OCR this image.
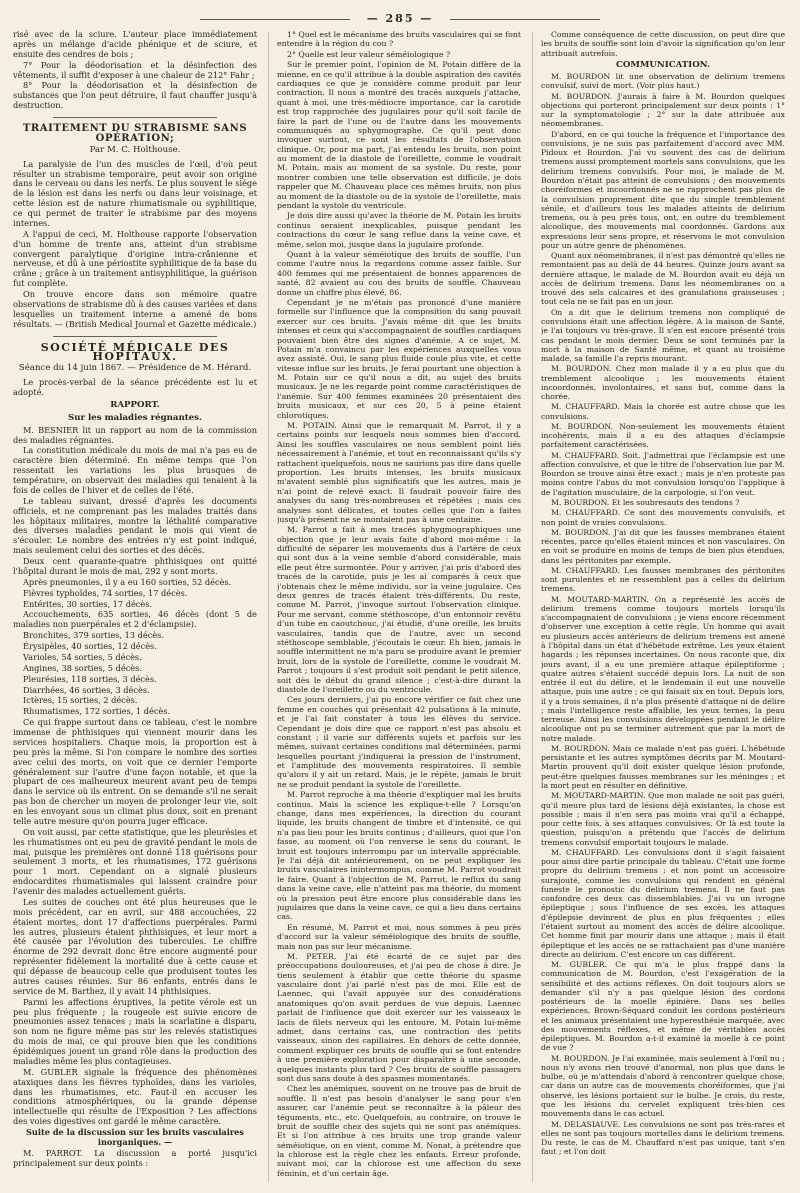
— 285 —

risé avec de la sciure. L'auteur place immédiatement après un mélange d'acide phénique et de sciure, et ensuite des cendres de bois ;

7° Pour la déodorisation et la désinfection des vêtements, il suffit d'exposer à une chaleur de 212° Fahr ;

8° Pour la déodorisation et la désinfection de substances que l'on peut détruire, il faut chauffer jusqu'à destruction.

TRAITEMENT DU STRABISME SANS OPÉRATION;
Par M. C. Holthouse.

La paralysie de l'un des muscles de l'œil, d'où peut résulter un strabisme temporaire, peut avoir son origine dans le cerveau ou dans les nerfs. Le plus souvent le siége de la lésion est dans les nerfs ou dans leur voisinage, et cette lésion est de nature rhumatismale ou syphilitique, ce qui permet de traiter le strabisme par des moyens internes.

A l'appui de ceci, M. Holthouse rapporte l'observation d'un homme de trente ans, atteint d'un strabisme convergent paralytique d'origine intra-crânienne et nerveuse, et dû à une périostite syphilitique de la base du crâne ; grâce à un traitement antisyphilitique, la guérison fut complète.

On trouve encore dans son mémoire quatre observations de strabisme dû à des causes variées et dans lesquelles un traitement interne a amené de bons résultats. — (British Medical Journal et Gazette médicale.)

SOCIÉTÉ MÉDICALE DES HOPITAUX.
Séance du 14 juin 1867. — Présidence de M. Hérard.

Le procès-verbal de la séance précédente est lu et adopté.

RAPPORT.
Sur les maladies régnantes.

M. BESNIER lit un rapport au nom de la commission des maladies régnantes.

La constitution médicale du mois de mai n'a pas eu de caractère bien déterminé. En même temps que l'on ressentait les variations les plus brusques de température, on observait des maladies qui tenaient à la fois de celles de l'hiver et de celles de l'été.

Le tableau suivant, dressé d'après les documents officiels, et ne comprenant pas les malades traités dans les hôpitaux militaires, montre la léthalité comparative des diverses maladies pendant le mois qui vient de s'écouler. Le nombre des entrées n'y est point indiqué, mais seulement celui des sorties et des décès.

Deux cent quarante-quatre phthisiques ont quitté l'hôpital durant le mois de mai, 292 y sont morts.

Après pneumonies, il y a eu 160 sorties, 52 décès.

Fièvres typhoïdes, 74 sorties, 17 décès.

Entérites, 30 sorties, 17 décès.

Accouchements, 635 sorties, 46 décès (dont 5 de maladies non puerpérales et 2 d'éclampsie).

Bronchites, 379 sorties, 13 décès.

Érysipèles, 40 sorties, 12 décès.

Varioles, 54 sorties, 5 décès.

Angines, 38 sorties, 5 décès.

Pleurésies, 118 sorties, 3 décès.

Diarrhées, 46 sorties, 3 décès.

Ictères, 15 sorties, 2 décès.

Rhumatismes, 172 sorties, 1 décès.

Ce qui frappe surtout dans ce tableau, c'est le nombre immense de phthisiques qui viennent mourir dans les services hospitaliers. Chaque mois, la proportion est à peu près la même. Si l'on compare le nombre des sorties avec celui des morts, on voit que ce dernier l'emporte généralement sur l'autre d'une façon notable, et que la plupart de ces malheureux meurent avant peu de temps dans le service où ils entrent. On se demande s'il ne serait pas bon de chercher un moyen de prolonger leur vie, soit en les envoyant sous un climat plus doux, soit en prenant telle autre mesure qu'on pourra juger efficace.

On voit aussi, par cette statistique, que les pleurésies et les rhumatismes ont eu peu de gravité pendant le mois de mai, puisque les premières ont donné 118 guérisons pour seulement 3 morts, et les rhumatismes, 172 guérisons pour 1 mort. Cependant on a signalé plusieurs endocardites rhumatismales qui laissent craindre pour l'avenir des malades actuellement guéris.

Les suites de couches ont été plus heureuses que le mois précédent, car en avril, sur 488 accouchées, 22 étaient mortes, dont 17 d'affections puerpérales. Parmi les autres, plusieurs étaient phthisiques, et leur mort a été causée par l'évolution des tubercules. Le chiffre énorme de 292 devrait donc être encore augmenté pour représenter fidèlement la mortalité due à cette cause et qui dépasse de beaucoup celle que produisent toutes les autres causes réunies. Sur 86 enfants, entrés dans le service de M. Barthez, il y avait 14 phthisiques.

Parmi les affections éruptives, la petite vérole est un peu plus fréquente ; la rougeole est suivie encore de pneumonies assez tenaces ; mais la scarlatine a disparu, son nom ne figure même pas sur les relevés statistiques du mois de mai, ce qui prouve bien que les conditions épidémiques jouent un grand rôle dans la production des maladies même les plus contagieuses.

M. GUBLER signale la fréquence des phénomènes ataxiques dans les fièvres typhoïdes, dans les varioles, dans les rhumatismes, etc. Faut-il en accuser les conditions atmosphériques, ou la grande dépense intellectuelle qui résulte de l'Exposition ? Les affections des voies digestives ont gardé le même caractère.

Suite de la discussion sur les bruits vasculaires inorganiques. —

M. PARROT. La discussion a porté jusqu'ici principalement sur deux points :

1° Quel est le mécanisme des bruits vasculaires qui se font entendre à la région du cou ?

2° Quelle est leur valeur séméiologique ?

Sur le premier point, l'opinion de M. Potain diffère de la mienne, en ce qu'il attribue à la double aspiration des cavités cardiaques ce que je considère comme produit par leur contraction. Il nous a montré des tracés auxquels j'attache, quant à moi, une très-médiocre importance, car la carotide est trop rapprochée des jugulaires pour qu'il soit facile de faire la part de l'une ou de l'autre dans les mouvements communiqués au sphygmographe. Ce qu'il peut donc invoquer surtout, ce sont les résultats de l'observation clinique. Or, pour ma part, j'ai entendu les bruits, non point au moment de la diastole de l'oreillette, comme le voudrait M. Potain, mais au moment de sa systole. Du reste, pour montrer combien une telle observation est difficile, je dois rappeler que M. Chauveau place ces mêmes bruits, non plus au moment de la diastole ou de la systole de l'oreillette, mais pendant la systole du ventricule.

Je dois dire aussi qu'avec la théorie de M. Potain les bruits continus seraient inexplicables, puisque pendant les contractions du cœur le sang reflue dans la veine cave, et même, selon moi, jusque dans la jugulaire profonde.

Quant à la valeur séméiotique des bruits de souffle, l'un comme l'autre nous la regardons comme assez faible. Sur 400 femmes qui me présentaient de bonnes apparences de santé, 82 avaient au cou des bruits de souffle. Chauveau donne un chiffre plus élevé, 86.

Cependant je ne m'étais pas prononcé d'une manière formelle sur l'influence que la composition du sang pouvait exercer sur ces bruits. J'avais même dit que les bruits intenses et ceux qui s'accompagnaient de souffles cardiaques pouvaient bien être des signes d'anémie. A ce sujet, M. Potain m'a convaincu par les expériences auxquelles vous avez assisté. Oui, le sang plus fluide coule plus vite, et cette vitesse influe sur les bruits. Je ferai pourtant une objection à M. Potain sur ce qu'il nous a dit, au sujet des bruits musicaux. Je ne les regarde point comme caractéristiques de l'anémie. Sur 400 femmes examinées 20 présentaient des bruits musicaux, et sur ces 20, 5 à peine étaient chlorotiques.

M. POTAIN. Ainsi que le remarquait M. Parrot, il y a certains points sur lesquels nous sommes bien d'accord. Ainsi les souffles vasculaires ne nous semblent point liés nécessairement à l'anémie, et tout en reconnaissant qu'ils s'y rattachent quelquefois, nous ne saurions pas dire dans quelle proportion. Les bruits intenses, les bruits musicaux m'avaient semblé plus significatifs que les autres, mais je n'ai point de relevé exact. Il faudrait pouvoir faire des analyses du sang très-nombreuses et répétées ; mais ces analyses sont délicates, et toutes celles que l'on a faites jusqu'à présent ne se montaient pas à une centaine.

M. Parrot a fait à mes tracés sphygmographiques une objection que je leur avais faite d'abord moi-même : la difficulté de séparer les mouvements dus à l'artère de ceux qui sont dus à la veine semble d'abord considérable, mais elle peut être surmontée. Pour y arriver, j'ai pris d'abord des tracés de la carotide, puis je les ai comparés à ceux que j'obtenais chez le même individu, sur la veine jugulaire. Ces deux genres de tracés étaient très-différents. Du reste, comme M. Parrot, j'invoque surtout l'observation clinique. Pour me servant, comme stéthoscope, d'un entonnoir revêtu d'un tube en caoutchouc, j'ai étudié, d'une oreille, les bruits vasculaires, tandis que de l'autre, avec un second stéthoscope semblable, j'écoutais le cœur. Eh bien, jamais le souffle intermittent ne m'a paru se produire avant le premier bruit, lors de la systole de l'oreillette, comme le voudrait M. Parrot ; toujours il s'est produit soit pendant le petit silence, soit dès le début du grand silence ; c'est-à-dire durant la diastole de l'oreillette ou du ventricule.

Ces jours derniers, j'ai pu encore vérifier ce fait chez une femme en couches qui présentait 42 pulsations à la minute, et je l'ai fait constater à tous les élèves du service. Cependant je dois dire que ce rapport n'est pas absolu et constant ; il varie sur différents sujets et parfois sur les mêmes, suivant certaines conditions mal déterminées, parmi lesquelles pourtant j'indiquerai la pression de l'instrument, et l'amplitude des mouvements respiratoires. Il semble qu'alors il y ait un retard. Mais, je le répète, jamais le bruit ne se produit pendant la systole de l'oreillette.

M. Parrot reproche à ma théorie d'expliquer mal les bruits continus. Mais la science les explique-t-elle ? Lorsqu'on change, dans mes expériences, la direction du courant liquide, les bruits changent de timbre et d'intensité, ce qui n'a pas lieu pour les bruits continus ; d'ailleurs, quoi que l'on fasse, au moment où l'on renverse le sens du courant, le bruit est toujours interrompu par un intervalle appréciable. Je l'ai déjà dit antérieurement, on ne peut expliquer les bruits vasculaires inintermompus, comme M. Parrot voudrait le faire. Quant à l'objection de M. Parrot, le reflux du sang dans la veine cave, elle n'atteint pas ma théorie, du moment où la pression peut être encore plus considérable dans les jugulaires que dans la veine cave, ce qui a lieu dans certains cas.

En résumé, M. Parrot et moi, nous sommes à peu près d'accord sur la valeur séméiologique des bruits de souffle, mais non pas sur leur mécanisme.

M. PETER. J'ai été écarté de ce sujet par des préoccupations douloureuses, et j'ai peu de chose à dire. Je tiens seulement à établir que cette théorie du spasme vasculaire dont j'ai parlé n'est pas de moi. Elle est de Laennec, qui l'avait appuyée sur des considérations anatomiques qu'on avait perdues de vue depuis. Laennec parlait de l'influence que doit exercer sur les vaisseaux le lacis de filets nerveux qui les entoure. M. Potain lui-même admet, dans certains cas, une contraction des petits vaisseaux, sinon des capillaires. En dehors de cette donnée, comment expliquer ces bruits de souffle qui se font entendre à une première exploration pour disparaître à une seconde, quelques instants plus tard ? Ces bruits de souffle passagers sont dus sans doute à des spasmes momentanés.

Chez les anémiques, souvent on ne trouve pas de bruit de souffle. Il n'est pas besoin d'analyser le sang pour s'en assurer, car l'anémie peut se reconnaître à la pâleur des téguments, etc., etc. Quelquefois, au contraire, on trouve le bruit de souffle chez des sujets qui ne sont pas anémiques. Et si l'on attribue à ces bruits une trop grande valeur séméiotique, on en vient, comme M. Nonat, à prétendre que la chlorose est la règle chez les enfants. Erreur profonde, suivant moi, car la chlorose est une affection du sexe féminin, et d'un certain âge.

Comme conséquence de cette discussion, on peut dire que les bruits de souffle sont loin d'avoir la signification qu'on leur attribuait autrefois.

COMMUNICATION.

M. BOURDON lit une observation de delirium tremens convulsif, suivi de mort. (Voir plus haut.)

M. BOURDON. J'aurais à faire à M. Bourdon quelques objections qui porteront principalement sur deux points : 1° sur la symptomatologie ; 2° sur la date attribuée aux néomembranes.

D'abord, en ce qui touche la fréquence et l'importance des convulsions, je ne suis pas parfaitement d'accord avec MM. Pidoux et Bourdon. J'ai vu souvent des cas de delirium tremens aussi promptement mortels sans convulsions, que les delirium tremens convulsifs. Pour moi, le malade de M. Bourdon n'était pas atteint de convulsions ; des mouvements choréiformes et incoordonnés ne se rapprochent pas plus de la convulsion proprement dite que du simple tremblement sénile, et d'ailleurs tous les malades atteints de delirium tremens, ou à peu près tous, ont, en outre du tremblement alcoolique, des mouvements mal coordonnés. Gardons aux expressions leur sens propre, et réservons le mot convulsion pour un autre genre de phénomènes.

Quant aux néomembranes, il n'est pas démontré qu'elles ne remontaient pas au delà de 44 heures. Quinze jours avant sa dernière attaque, le malade de M. Bourdon avait eu déjà un accès de delirium tremens. Dans les néomembranes on a trouvé des sels calcaires et des granulations graisseuses ; tout cela ne se fait pas en un jour.

On a dit que le delirium tremens non compliqué de convulsions était une affection légère. A la maison de Santé, je l'ai toujours vu très-grave. Il s'en est encore présenté trois cas pendant le mois dernier. Deux se sont terminés par la mort à la maison de Santé même, et quant au troisième malade, sa famille l'a repris mourant.

M. BOURDON. Chez mon malade il y a eu plus que du tremblement alcoolique ; les mouvements étaient incoordonnés, involontaires, et sans but, comme dans la chorée.

M. CHAUFFARD. Mais la chorée est autre chose que les convulsions.

M. BOURDON. Non-seulement les mouvements étaient incohérents, mais il a eu des attaques d'éclampsie parfaitement caractérisées.

M. CHAUFFARD. Soit. J'admettrai que l'éclampsie est une affection convulsive, et que le titre de l'observation lue par M. Bourdon se trouve ainsi être exact ; mais je n'en proteste pas moins contre l'abus du mot convulsion lorsqu'on l'applique à de l'agitation musculaire, de la carpologie, si l'on veut.

M. BOURDON. Et les soubresauts des tendons ?

M. CHAUFFARD. Ce sont des mouvements convulsifs, et non point de vraies convulsions.

M. BOURDON. J'ai dit que les fausses membranes étaient récentes, parce qu'elles étaient minces et non vasculaires. On en voit se produire en moins de temps de bien plus étendues, dans les péritonites par exemple.

M. CHAUFFARD. Les fausses membranes des péritonites sont purulentes et ne ressemblent pas à celles du delirium tremens.

M. MOUTARD-MARTIN. On a représenté les accès de delirium tremens comme toujours mortels lorsqu'ils s'accompagnaient de convulsions ; je viens encore récemment d'observer une exception à cette règle. Un homme qui avait eu plusieurs accès antérieurs de delirium tremens est amené à l'hôpital dans un état d'hébétude extrême. Les yeux étaient hagards ; les réponses incertaines. On nous raconte que, dix jours avant, il a eu une première attaque épileptiforme ; quatre autres s'étaient succédé depuis lors. La nuit de son entrée il eut du délire, et le lendemain il eut une nouvelle attaque, puis une autre ; ce qui faisait six en tout. Depuis lors, il y a trois semaines, il n'a plus présenté d'attaque ni de délire ; mais l'intelligence reste affaiblie, les yeux ternes, la peau terreuse. Ainsi les convulsions développées pendant le délire alcoolique ont pu se terminer autrement que par la mort de notre malade.

M. BOURDON. Mais ce malade n'est pas guéri. L'hébétude persistante et les autres symptômes décrits par M. Moutard-Martin prouvent qu'il doit exister quelque lésion profonde, peut-être quelques fausses membranes sur les méninges ; et la mort peut en résulter en définitive.

M. MOUTARD-MARTIN. Que mon malade ne soit pas guéri, qu'il meure plus tard de lésions déjà existantes, la chose est possible ; mais il n'en sera pas moins vrai qu'il a échappé, pour cette fois, à ses attaques convulsives. Or là est toute la question, puisqu'on a prétendu que l'accès de delirium tremens convulsif emportait toujours le malade.

M. CHAUFFARD. Les convulsions dont il s'agit faisaient pour ainsi dire partie principale du tableau. C'était une forme propre du delirium tremens ; et non point un accessoire surajouté, comme les convulsions qui rendent en général funeste le pronostic du delirium tremens. Il ne faut pas confondre ces deux cas dissemblables. J'ai vu un ivrogne épileptique ; sous l'influence de ses excès, les attaques d'épilepsie devinrent de plus en plus fréquentes ; elles l'étaient surtout au moment des accès de délire alcoolique. Cet homme finit par mourir dans une attaque ; mais il était épileptique et les accès ne se rattachaient pas d'une manière directe au delirium. C'est encore un cas différent.

M. GUBLER. Ce qui m'a le plus frappé dans la communication de M. Bourdon, c'est l'exagération de la sensibilité et des actions réflexes. On doit toujours alors se demander s'il n'y a pas quelque lésion des cordons postérieurs de la moelle épinière. Dans ses belles expériences, Brown-Séquard conduit les cordons postérieurs et les animaux présentaient une hyperesthésie marquée, avec des mouvements réflexes, et même de véritables accès épileptiques. M. Bourdon a-t-il examiné la moelle à ce point de vue ?

M. BOURDON. Je l'ai examinée, mais seulement à l'œil nu ; nous n'y avons rien trouvé d'anormal, non plus que dans le bulbe, où je m'attendais d'abord à rencontrer quelque chose, car dans un autre cas de mouvements choréiformes, que j'ai observé, les lésions portaient sur le bulbe. Je crois, du reste, que les lésions du cervelet expliquent très-bien ces mouvements dans le cas actuel.

M. DELASIAUVE. Les convulsions ne sont pas très-rares et elles ne sont pas toujours mortelles dans le delirium tremens. Du reste, le cas de M. Chauffard n'est pas unique, tant s'en faut ; et l'on doit
